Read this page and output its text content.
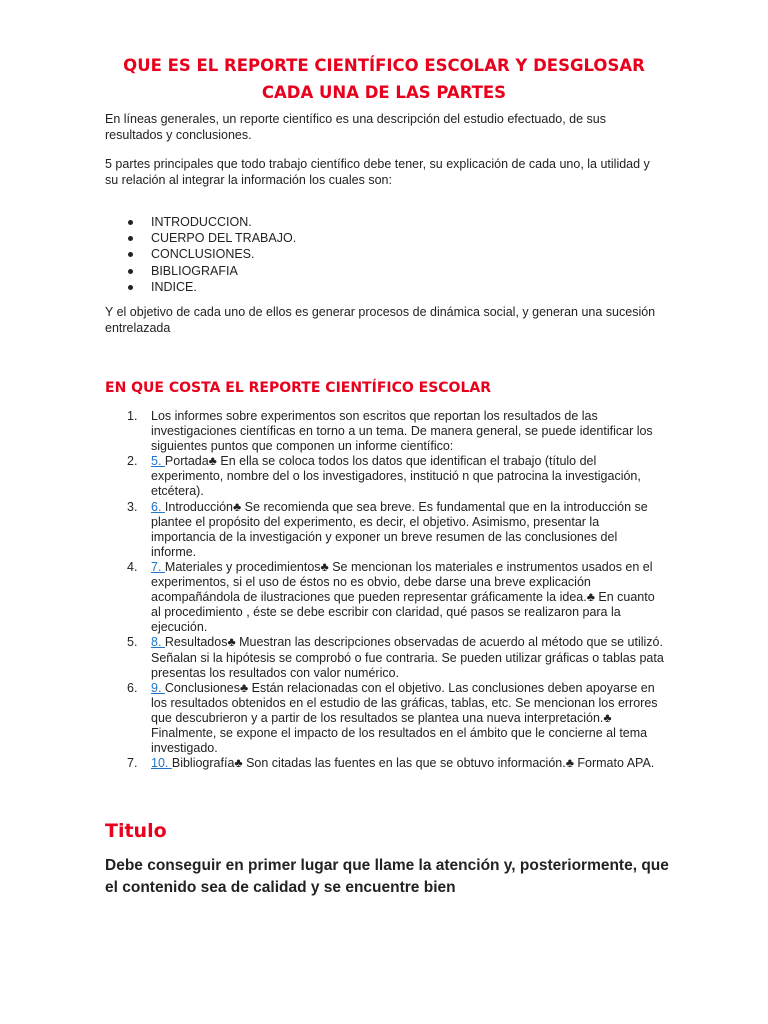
QUE ES EL REPORTE CIENTÍFICO ESCOLAR Y DESGLOSAR CADA UNA DE LAS PARTES

En líneas generales, un reporte científico es una descripción del estudio efectuado, de sus resultados y conclusiones.

5 partes principales que todo trabajo científico debe tener, su explicación de cada uno, la utilidad y su relación al integrar la información los cuales son:

INTRODUCCION.
CUERPO DEL TRABAJO.
CONCLUSIONES.
BIBLIOGRAFIA
INDICE.

Y el objetivo de cada uno de ellos es generar procesos de dinámica social, y generan una sucesión entrelazada

EN QUE COSTA EL REPORTE CIENTÍFICO ESCOLAR
1. Los informes sobre experimentos son escritos que reportan los resultados de las investigaciones científicas en torno a un tema. De manera general, se puede identificar los siguientes puntos que componen un informe científico:
2. 5. Portada♣ En ella se coloca todos los datos que identifican el trabajo (título del experimento, nombre del o los investigadores, institució n que patrocina la investigación, etcétera).
3. 6. Introducción♣ Se recomienda que sea breve. Es fundamental que en la introducción se plantee el propósito del experimento, es decir, el objetivo. Asimismo, presentar la importancia de la investigación y exponer un breve resumen de las conclusiones del informe.
4. 7. Materiales y procedimientos♣ Se mencionan los materiales e instrumentos usados en el experimentos, si el uso de éstos no es obvio, debe darse una breve explicación acompañándola de ilustraciones que pueden representar gráficamente la idea.♣ En cuanto al procedimiento , éste se debe escribir con claridad, qué pasos se realizaron para la ejecución.
5. 8. Resultados♣ Muestran las descripciones observadas de acuerdo al método que se utilizó. Señalan si la hipótesis se comprobó o fue contraria. Se pueden utilizar gráficas o tablas pata presentas los resultados con valor numérico.
6. 9. Conclusiones♣ Están relacionadas con el objetivo. Las conclusiones deben apoyarse en los resultados obtenidos en el estudio de las gráficas, tablas, etc. Se mencionan los errores que descubrieron y a partir de los resultados se plantea una nueva interpretación.♣ Finalmente, se expone el impacto de los resultados en el ámbito que le concierne al tema investigado.
7. 10. Bibliografía♣ Son citadas las fuentes en las que se obtuvo información.♣ Formato APA.
Titulo

Debe conseguir en primer lugar que llame la atención y, posteriormente, que el contenido sea de calidad y se encuentre bien
